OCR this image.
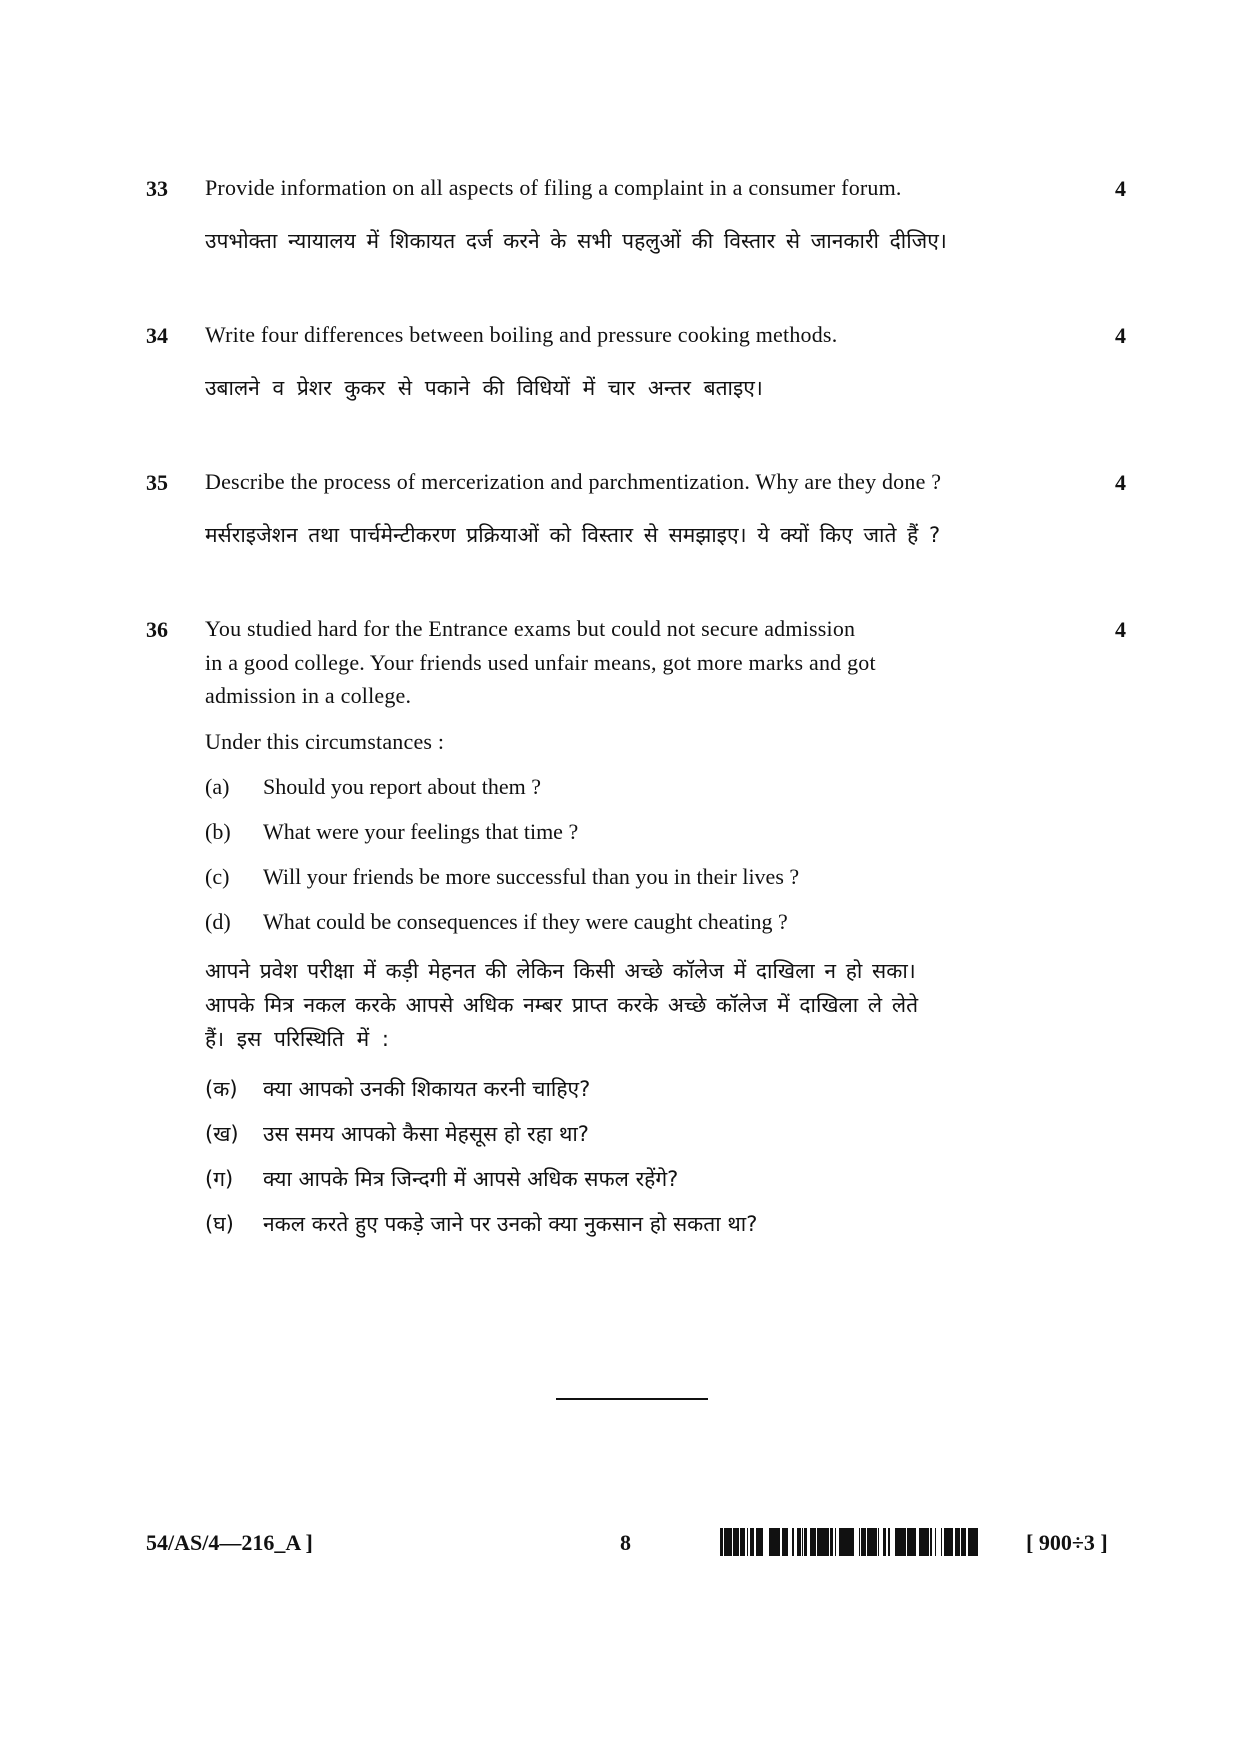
33 Provide information on all aspects of filing a complaint in a consumer forum.	4
उपभोक्ता न्यायालय में शिकायत दर्ज करने के सभी पहलुओं की विस्तार से जानकारी दीजिए।
34 Write four differences between boiling and pressure cooking methods.	4
उबालने व प्रेशर कुकर से पकाने की विधियों में चार अन्तर बताइए।
35 Describe the process of mercerization and parchmentization. Why are they done ?	4
मर्सराइजेशन तथा पार्चमेन्टीकरण प्रक्रियाओं को विस्तार से समझाइए। ये क्यों किए जाते हैं ?
36	4
You studied hard for the Entrance exams but could not secure admission
in a good college. Your friends used unfair means, got more marks and got
admission in a college.
Under this circumstances :
(a) Should you report about them ?
(b) What were your feelings that time ?
(c) Will your friends be more successful than you in their lives ?
(d) What could be consequences if they were caught cheating ?
आपने प्रवेश परीक्षा में कड़ी मेहनत की लेकिन किसी अच्छे कॉलेज में दाखिला न हो सका।
आपके मित्र नकल करके आपसे अधिक नम्बर प्राप्त करके अच्छे कॉलेज में दाखिला ले लेते
हैं। इस परिस्थिति में :
(क) क्या आपको उनकी शिकायत करनी चाहिए?
(ख) उस समय आपको कैसा मेहसूस हो रहा था?
(ग) क्या आपके मित्र जिन्दगी में आपसे अधिक सफल रहेंगे?
(घ) नकल करते हुए पकड़े जाने पर उनको क्या नुकसान हो सकता था?
54/AS/4—216_A ]	8	[ 900÷3 ]
